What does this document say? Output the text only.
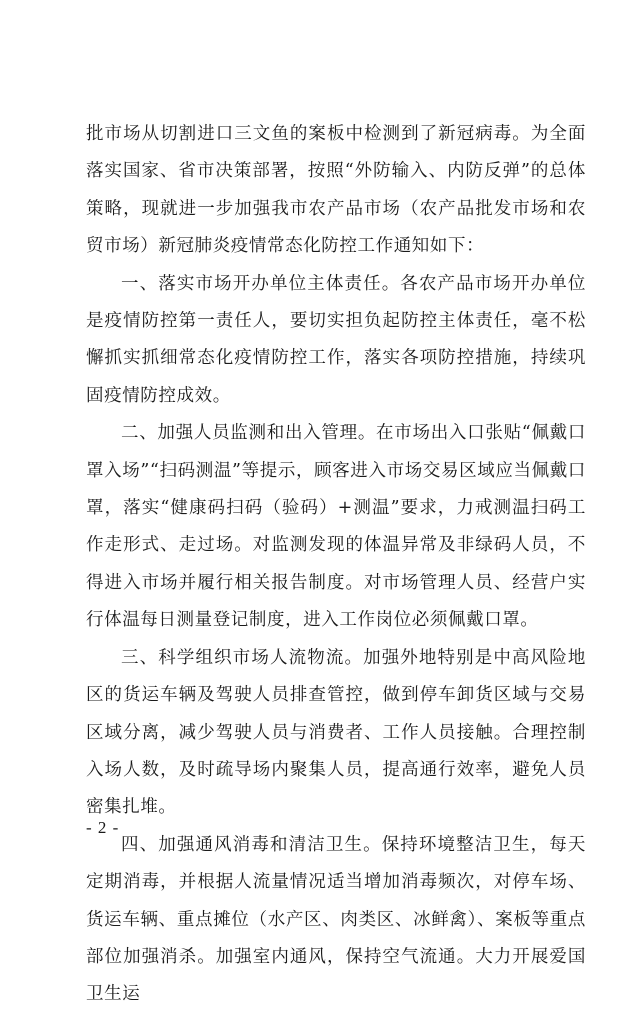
批市场从切割进口三文鱼的案板中检测到了新冠病毒。为全面落实国家、省市决策部署，按照“外防输入、内防反弹”的总体策略，现就进一步加强我市农产品市场（农产品批发市场和农贸市场）新冠肺炎疫情常态化防控工作通知如下：

一、落实市场开办单位主体责任。各农产品市场开办单位是疫情防控第一责任人，要切实担负起防控主体责任，毫不松懈抓实抓细常态化疫情防控工作，落实各项防控措施，持续巩固疫情防控成效。

二、加强人员监测和出入管理。在市场出入口张贴“佩戴口罩入场”“扫码测温”等提示，顾客进入市场交易区域应当佩戴口罩，落实“健康码扫码（验码）+测温”要求，力戒测温扫码工作走形式、走过场。对监测发现的体温异常及非绿码人员，不得进入市场并履行相关报告制度。对市场管理人员、经营户实行体温每日测量登记制度，进入工作岗位必须佩戴口罩。

三、科学组织市场人流物流。加强外地特别是中高风险地区的货运车辆及驾驶人员排查管控，做到停车卸货区域与交易区域分离，减少驾驶人员与消费者、工作人员接触。合理控制入场人数，及时疏导场内聚集人员，提高通行效率，避免人员密集扎堆。

四、加强通风消毒和清洁卫生。保持环境整洁卫生，每天定期消毒，并根据人流量情况适当增加消毒频次，对停车场、货运车辆、重点摊位（水产区、肉类区、冰鲜禽）、案板等重点部位加强消杀。加强室内通风，保持空气流通。大力开展爱国卫生运

- 2 -
